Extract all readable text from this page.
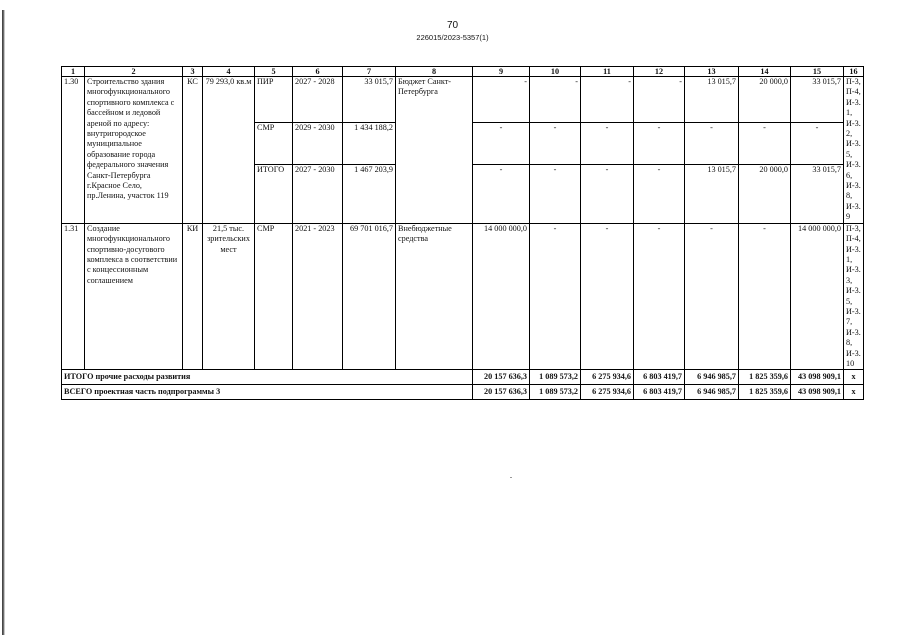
70
226015/2023-5357(1)
1	2	3	4	5	6	7	8	9	10	11	12	13	14	15	16
1.30	Строительство здания многофункционального спортивного комплекса с бассейном и ледовой ареной по адресу: внутригородское муниципальное образование города федерального значения Санкт-Петербурга г.Красное Село, пр.Ленина, участок 119	КС	79 293,0 кв.м	ПИР	2027 - 2028	33 015,7	Бюджет Санкт-Петербурга	-	-	-	-	13 015,7	20 000,0	33 015,7	П-3, П-4, И-3.1, И-3.2, И-3.5, И-3.6, И-3.8, И-3.9
				СМР	2029 - 2030	1 434 188,2		-	-	-	-	-	-	-	
				ИТОГО	2027 - 2030	1 467 203,9		-	-	-	-	13 015,7	20 000,0	33 015,7	
1.31	Создание многофункционального спортивно-досугового комплекса в соответствии с концессионным соглашением	КИ	21,5 тыс. зрительских мест	СМР	2021 - 2023	69 701 016,7	Внебюджетные средства	14 000 000,0	-	-	-	-	-	14 000 000,0	П-3, П-4, И-3.1, И-3.3, И-3.5, И-3.7, И-3.8, И-3.10
ИТОГО прочие расходы развития								20 157 636,3	1 089 573,2	6 275 934,6	6 803 419,7	6 946 985,7	1 825 359,6	43 098 909,1	х
ВСЕГО проектная часть подпрограммы 3								20 157 636,3	1 089 573,2	6 275 934,6	6 803 419,7	6 946 985,7	1 825 359,6	43 098 909,1	х
